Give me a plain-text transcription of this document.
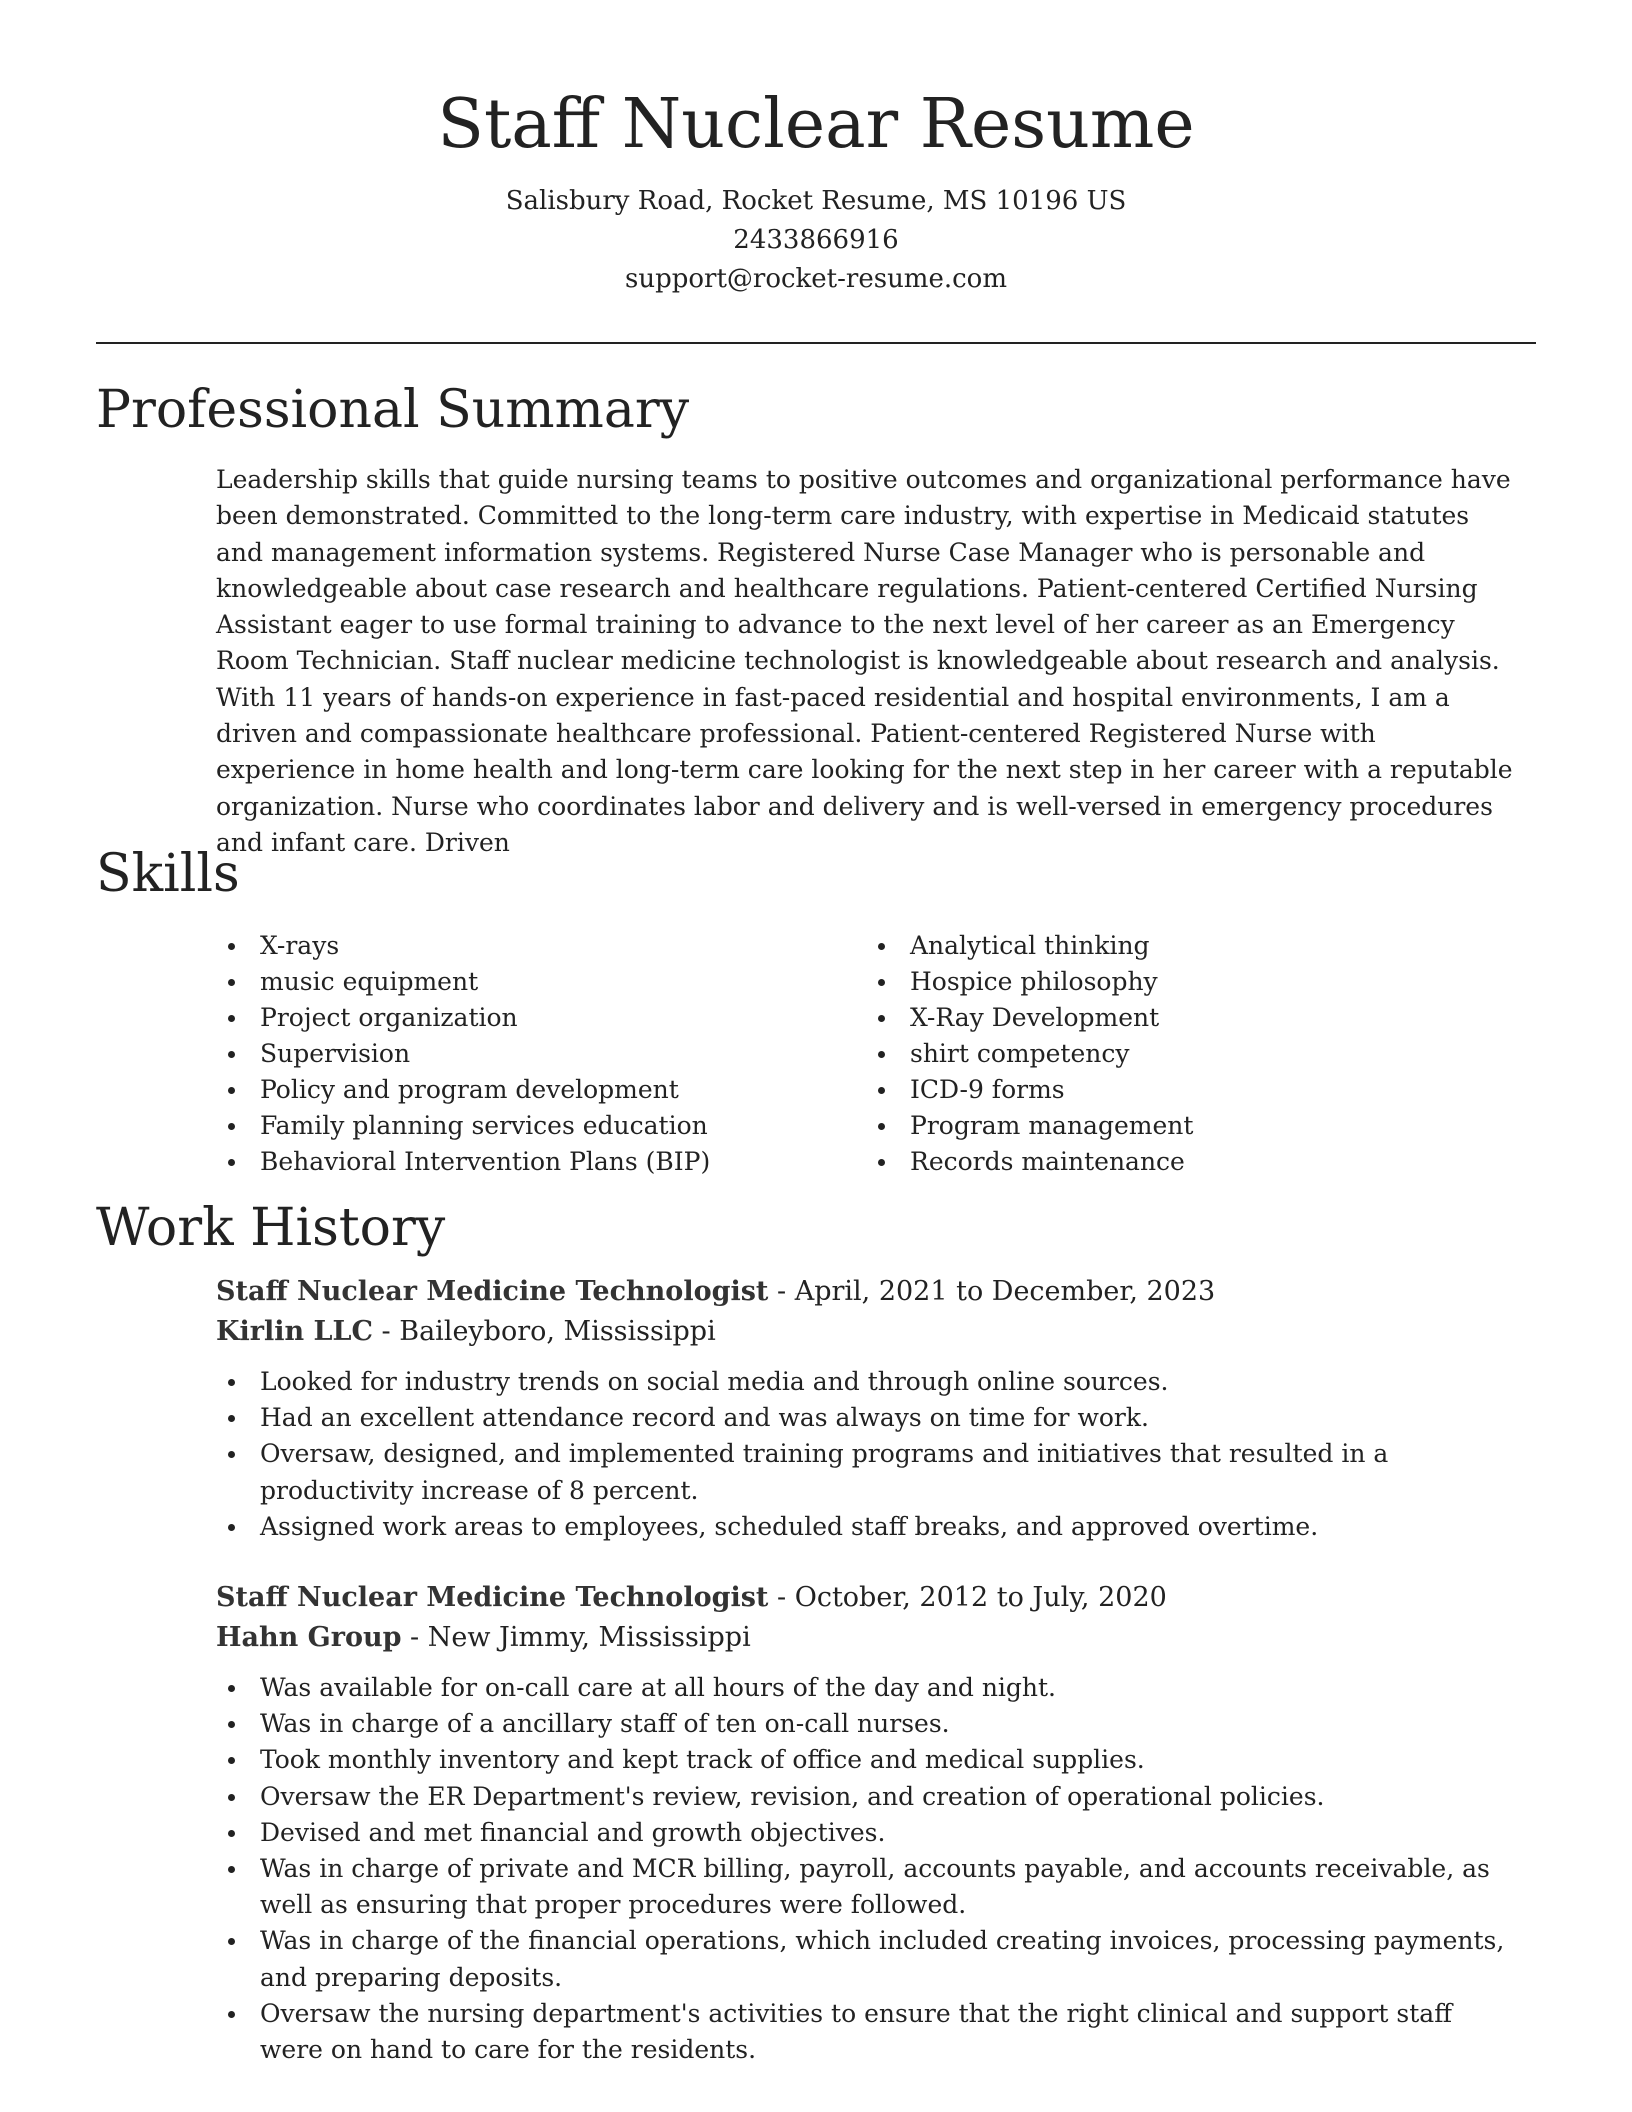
Staff Nuclear Resume
Salisbury Road, Rocket Resume, MS 10196 US
2433866916
support@rocket-resume.com
Professional Summary

Leadership skills that guide nursing teams to positive outcomes and organizational performance have been demonstrated. Committed to the long-term care industry, with expertise in Medicaid statutes and management information systems. Registered Nurse Case Manager who is personable and knowledgeable about case research and healthcare regulations. Patient-centered Certified Nursing Assistant eager to use formal training to advance to the next level of her career as an Emergency Room Technician. Staff nuclear medicine technologist is knowledgeable about research and analysis. With 11 years of hands-on experience in fast-paced residential and hospital environments, I am a driven and compassionate healthcare professional. Patient-centered Registered Nurse with experience in home health and long-term care looking for the next step in her career with a reputable organization. Nurse who coordinates labor and delivery and is well-versed in emergency procedures and infant care. Driven

Skills
X-rays
music equipment
Project organization
Supervision
Policy and program development
Family planning services education
Behavioral Intervention Plans (BIP)
Analytical thinking
Hospice philosophy
X-Ray Development
shirt competency
ICD-9 forms
Program management
Records maintenance
Work History
Staff Nuclear Medicine Technologist - April, 2021 to December, 2023
Kirlin LLC - Baileyboro, Mississippi
Looked for industry trends on social media and through online sources.
Had an excellent attendance record and was always on time for work.
Oversaw, designed, and implemented training programs and initiatives that resulted in a productivity increase of 8 percent.
Assigned work areas to employees, scheduled staff breaks, and approved overtime.
Staff Nuclear Medicine Technologist - October, 2012 to July, 2020
Hahn Group - New Jimmy, Mississippi
Was available for on-call care at all hours of the day and night.
Was in charge of a ancillary staff of ten on-call nurses.
Took monthly inventory and kept track of office and medical supplies.
Oversaw the ER Department's review, revision, and creation of operational policies.
Devised and met financial and growth objectives.
Was in charge of private and MCR billing, payroll, accounts payable, and accounts receivable, as well as ensuring that proper procedures were followed.
Was in charge of the financial operations, which included creating invoices, processing payments, and preparing deposits.
Oversaw the nursing department's activities to ensure that the right clinical and support staff were on hand to care for the residents.
